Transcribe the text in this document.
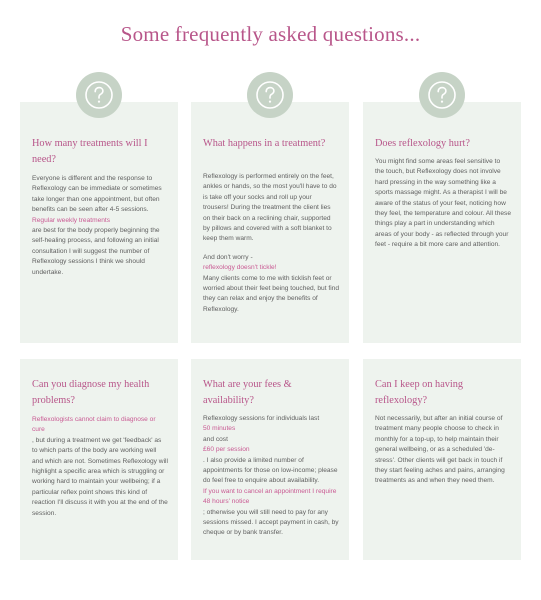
Some frequently asked questions...
How many treatments will I need?
Everyone is different and the response to Reflexology can be immediate or sometimes take longer than one appointment, but often benefits can be seen after 4-5 sessions.
Regular weekly treatments
are best for the body properly beginning the self-healing process, and following an initial consultation I will suggest the number of Reflexology sessions I think we should undertake.
What happens in a treatment?
Reflexology is performed entirely on the feet, ankles or hands, so the most you'll have to do is take off your socks and roll up your trousers! During the treatment the client lies on their back on a reclining chair, supported by pillows and covered with a soft blanket to keep them warm.
And don't worry -
reflexology doesn't tickle!
Many clients come to me with ticklish feet or worried about their feet being touched, but find they can relax and enjoy the benefits of Reflexology.
Does reflexology hurt?
You might find some areas feel sensitive to the touch, but Reflexology does not involve hard pressing in the way something like a sports massage might. As a therapist I will be aware of the status of your feet, noticing how they feel, the temperature and colour. All these things play a part in understanding which areas of your body - as reflected through your feet - require a bit more care and attention.
Can you diagnose my health problems?
Reflexologists cannot claim to diagnose or cure
, but during a treatment we get 'feedback' as to which parts of the body are working well and which are not. Sometimes Reflexology will highlight a specific area which is struggling or working hard to maintain your wellbeing; if a particular reflex point shows this kind of reaction I'll discuss it with you at the end of the session.
What are your fees & availability?
Reflexology sessions for individuals last
50 minutes
and cost
£60 per session
. I also provide a limited number of appointments for those on low-income; please do feel free to enquire about availability.
If you want to cancel an appointment I require 48 hours' notice
; otherwise you will still need to pay for any sessions missed. I accept payment in cash, by cheque or by bank transfer.
Can I keep on having reflexology?
Not necessarily, but after an initial course of treatment many people choose to check in monthly for a top-up, to help maintain their general wellbeing, or as a scheduled 'de-stress'. Other clients will get back in touch if they start feeling aches and pains, arranging treatments as and when they need them.
